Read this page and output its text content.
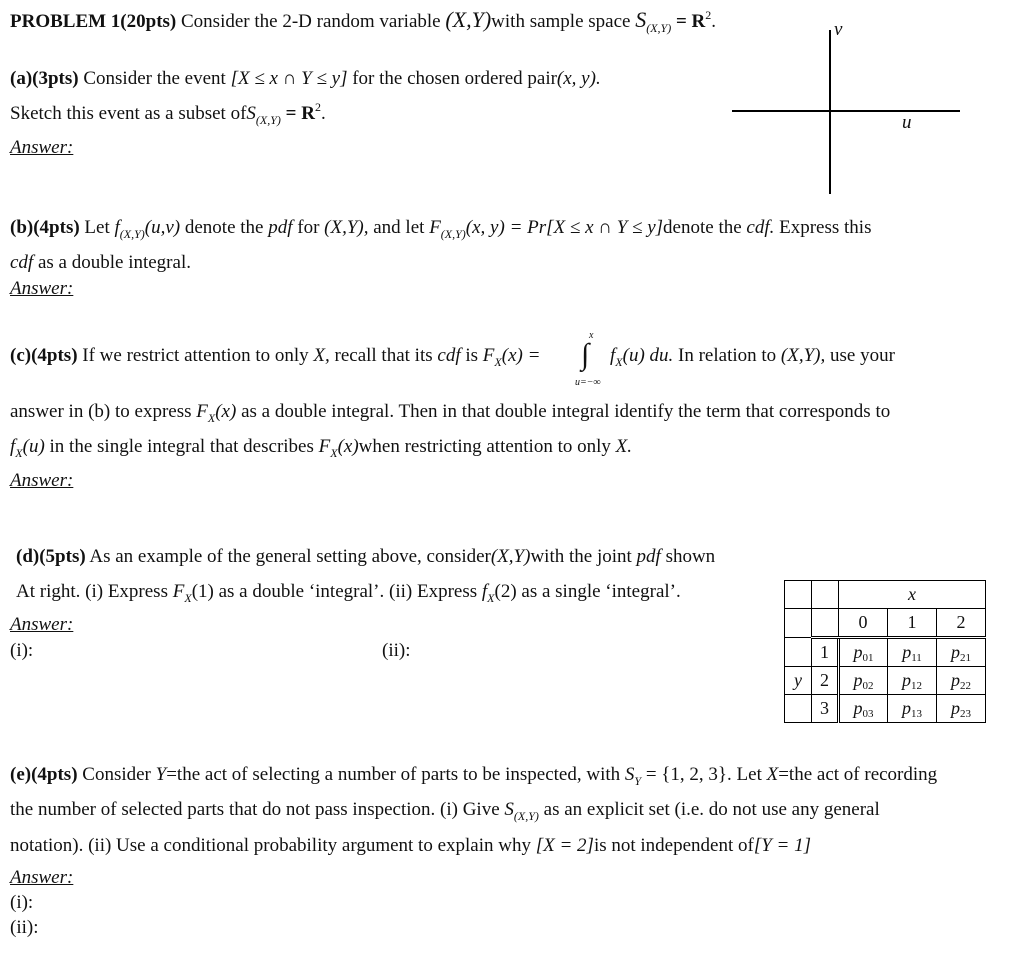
PROBLEM 1(20pts) Consider the 2-D random variable (X,Y)with sample space $S_{(X,Y)} = R^2$.	v
u
(a)(3pts) Consider the event [X ≤ x ∩ Y ≤ y] for the chosen ordered pair(x, y).
Sketch this event as a subset $ofS_{(X,Y)} = R^2$.
Answer:
(b)(4pts) Let $f_{(X,Y)}(u,v)$ denote the pdf for (X,Y), and let $F_{(X,Y)}(x$, y) = Pr[X ≤ x ∩ Y ≤ y]denote the cdf. Express this
cdf as a double integral.
Answer:
(c)(4pts) If we restrict attention to only X, recall that its cdf is $F_X(x)$ =
x
∫
u=−∞
$f_X(u)$ du. In relation to (X,Y), use your
answer in (b) to express $F_X(x)$ as a double integral. Then in that double integral identify the term that corresponds to
$f_X(u)$ in the single integral that describes $F_X(x)when$ restricting attention to only X.
Answer:
(d)(5pts) As an example of the general setting above, consider(X,Y)with the joint pdf shown
At right. (i) Express $F_X(1)$ as a double ‘integral’. (ii) Express $f_X(2)$ as a single ‘integral’.
Answer:
(i):	(ii):
		x		
		0	1	2
	1	p01	p11	p21
y	2	p02	p12	p22
	3	p03	p13	p23
(e)(4pts) Consider Y=the act of selecting a number of parts to be inspected, with $S_Y = \{1$, 2, 3}. Let X=the act of recording
the number of selected parts that do not pass inspection. (i) Give $S_{(X,Y)}$ as an explicit set (i.e. do not use any general
notation). (ii) Use a conditional probability argument to explain why [X = 2]is not independent of[Y = 1]
Answer:
(i):
(ii):
